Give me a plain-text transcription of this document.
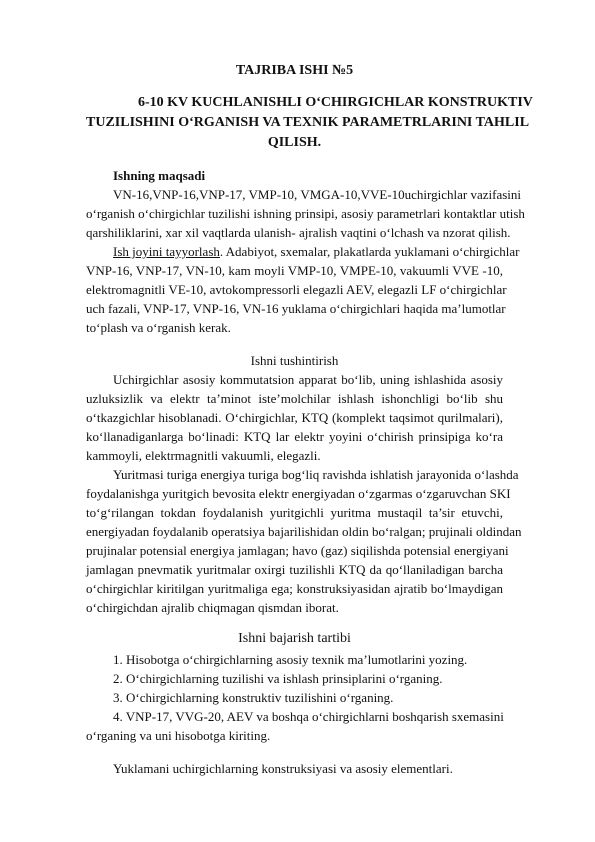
TAJRIBA ISHI №5
6-10 KV KUCHLANISHLI O‘CHIRGICHLAR KONSTRUKTIV
TUZILISHINI O‘RGANISH VA TEXNIK PARAMETRLARINI TAHLIL
QILISH.
Ishning maqsadi
VN-16,VNP-16,VNP-17, VMP-10, VMGA-10,VVE-10uchirgichlar vazifasini
o‘rganish o‘chirgichlar tuzilishi ishning prinsipi, asosiy parametrlari kontaktlar utish
qarshiliklarini, xar xil vaqtlarda ulanish- ajralish vaqtini o‘lchash va nzorat qilish.
Ish joyini tayyorlash. Adabiyot, sxemalar, plakatlarda yuklamani o‘chirgichlar
VNP-16, VNP-17, VN-10, kam moyli VMP-10, VMPE-10, vakuumli VVE -10,
elektromagnitli VE-10, avtokompressorli elegazli AEV, elegazli LF o‘chirgichlar
uch fazali, VNP-17, VNP-16, VN-16 yuklama o‘chirgichlari haqida ma’lumotlar
to‘plash va o‘rganish kerak.
Ishni tushintirish
Uchirgichlar asosiy kommutatsion apparat bo‘lib, uning ishlashida asosiy
uzluksizlik va elektr ta’minot iste’molchilar ishlash ishonchligi bo‘lib shu
o‘tkazgichlar hisoblanadi. O‘chirgichlar, KTQ (komplekt taqsimot qurilmalari),
ko‘llanadiganlarga bo‘linadi: KTQ lar elektr yoyini o‘chirish prinsipiga ko‘ra
kammoyli, elektrmagnitli vakuumli, elegazli.
Yuritmasi turiga energiya turiga bog‘liq ravishda ishlatish jarayonida o‘lashda
foydalanishga yuritgich bevosita elektr energiyadan o‘zgarmas o‘zgaruvchan SKI
to‘g‘rilangan tokdan foydalanish yuritgichli yuritma mustaqil ta’sir etuvchi,
energiyadan foydalanib operatsiya bajarilishidan oldin bo‘ralgan; prujinali oldindan
prujinalar potensial energiya jamlagan; havo (gaz) siqilishda potensial energiyani
jamlagan pnevmatik yuritmalar oxirgi tuzilishli KTQ da qo‘llaniladigan barcha
o‘chirgichlar kiritilgan yuritmaliga ega; konstruksiyasidan ajratib bo‘lmaydigan
o‘chirgichdan ajralib chiqmagan qismdan iborat.
Ishni bajarish tartibi
1. Hisobotga o‘chirgichlarning asosiy texnik ma’lumotlarini yozing.
2. O‘chirgichlarning tuzilishi va ishlash prinsiplarini o‘rganing.
3. O‘chirgichlarning konstruktiv tuzilishini o‘rganing.
4. VNP-17, VVG-20, AEV va boshqa o‘chirgichlarni boshqarish sxemasini
o‘rganing va uni hisobotga kiriting.
Yuklamani uchirgichlarning konstruksiyasi va asosiy elementlari.
